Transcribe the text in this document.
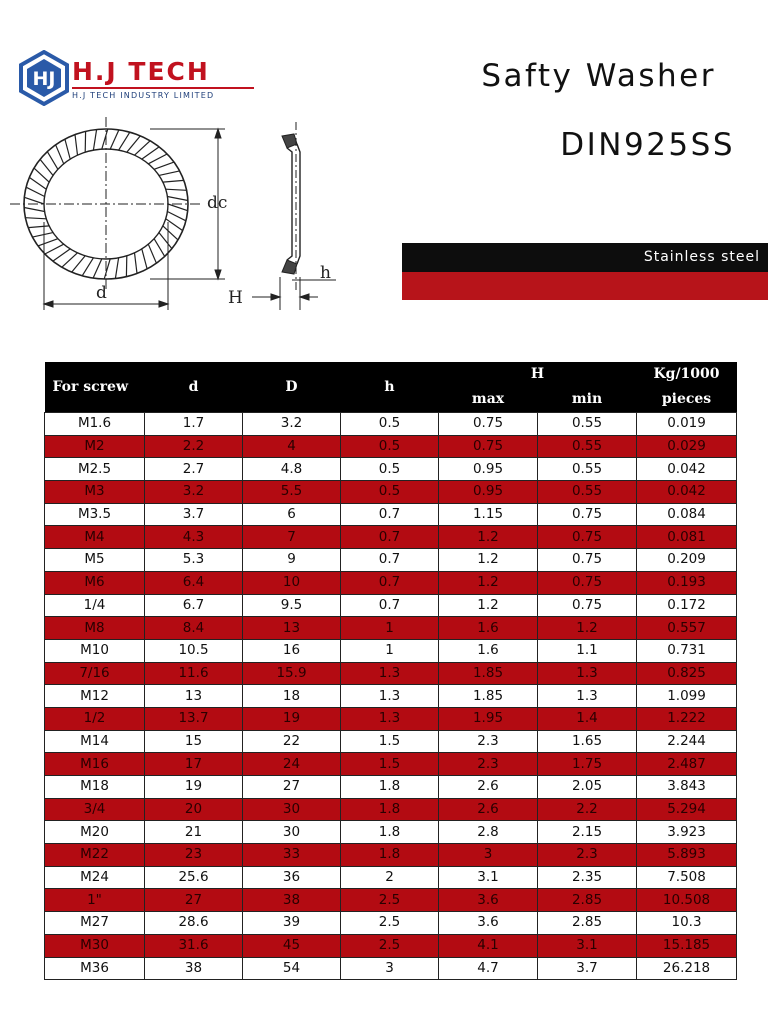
HJ H.J TECH
H.J TECH INDUSTRY LIMITED
Safty Washer
DIN925SS
Stainless steel
dc
d	H
h
For screw	d	D	h	H		Kg/1000
				max	min	pieces
M1.6	1.7	3.2	0.5	0.75	0.55	0.019
M2	2.2	4	0.5	0.75	0.55	0.029
M2.5	2.7	4.8	0.5	0.95	0.55	0.042
M3	3.2	5.5	0.5	0.95	0.55	0.042
M3.5	3.7	6	0.7	1.15	0.75	0.084
M4	4.3	7	0.7	1.2	0.75	0.081
M5	5.3	9	0.7	1.2	0.75	0.209
M6	6.4	10	0.7	1.2	0.75	0.193
1/4	6.7	9.5	0.7	1.2	0.75	0.172
M8	8.4	13	1	1.6	1.2	0.557
M10	10.5	16	1	1.6	1.1	0.731
7/16	11.6	15.9	1.3	1.85	1.3	0.825
M12	13	18	1.3	1.85	1.3	1.099
1/2	13.7	19	1.3	1.95	1.4	1.222
M14	15	22	1.5	2.3	1.65	2.244
M16	17	24	1.5	2.3	1.75	2.487
M18	19	27	1.8	2.6	2.05	3.843
3/4	20	30	1.8	2.6	2.2	5.294
M20	21	30	1.8	2.8	2.15	3.923
M22	23	33	1.8	3	2.3	5.893
M24	25.6	36	2	3.1	2.35	7.508
1"	27	38	2.5	3.6	2.85	10.508
M27	28.6	39	2.5	3.6	2.85	10.3
M30	31.6	45	2.5	4.1	3.1	15.185
M36	38	54	3	4.7	3.7	26.218
